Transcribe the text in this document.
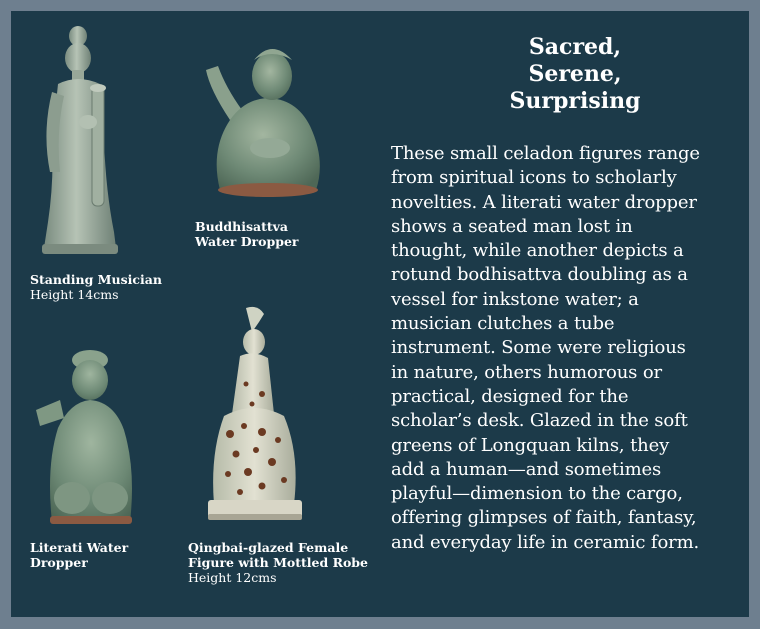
Standing Musician
Height 14cms
Buddhisattva
Water Dropper
Literati Water
Dropper
Qingbai-glazed Female
Figure with Mottled Robe
Height 12cms
Sacred,
Serene,
Surprising
These small celadon figures range
from spiritual icons to scholarly
novelties. A literati water dropper
shows a seated man lost in
thought, while another depicts a
rotund bodhisattva doubling as a
vessel for inkstone water; a
musician clutches a tube
instrument. Some were religious
in nature, others humorous or
practical, designed for the
scholar’s desk. Glazed in the soft
greens of Longquan kilns, they
add a human—and sometimes
playful—dimension to the cargo,
offering glimpses of faith, fantasy,
and everyday life in ceramic form.
